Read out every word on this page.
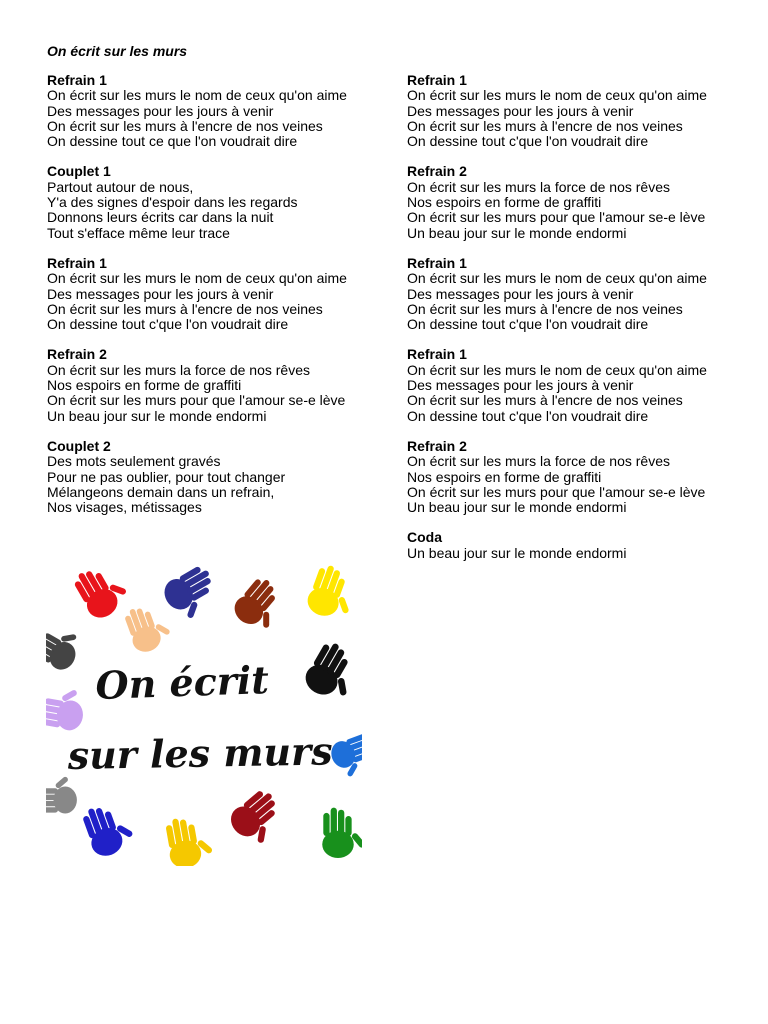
On écrit sur les murs
Refrain 1
On écrit sur les murs le nom de ceux qu'on aime
Des messages pour les jours à venir
On écrit sur les murs à l'encre de nos veines
On dessine tout ce que l'on voudrait dire
Couplet 1
Partout autour de nous,
Y'a des signes d'espoir dans les regards
Donnons leurs écrits car dans la nuit
Tout s'efface même leur trace
Refrain 1
On écrit sur les murs le nom de ceux qu'on aime
Des messages pour les jours à venir
On écrit sur les murs à l'encre de nos veines
On dessine tout c'que l'on voudrait dire
Refrain 2
On écrit sur les murs la force de nos rêves
Nos espoirs en forme de graffiti
On écrit sur les murs pour que l'amour se-e lève
Un beau jour sur le monde endormi
Couplet 2
Des mots seulement gravés
Pour ne pas oublier, pour tout changer
Mélangeons demain dans un refrain,
Nos visages, métissages
Refrain 1
On écrit sur les murs le nom de ceux qu'on aime
Des messages pour les jours à venir
On écrit sur les murs à l'encre de nos veines
On dessine tout c'que l'on voudrait dire
Refrain 2
On écrit sur les murs la force de nos rêves
Nos espoirs en forme de graffiti
On écrit sur les murs pour que l'amour se-e lève
Un beau jour sur le monde endormi
Refrain 1
On écrit sur les murs le nom de ceux qu'on aime
Des messages pour les jours à venir
On écrit sur les murs à l'encre de nos veines
On dessine tout c'que l'on voudrait dire
Refrain 1
On écrit sur les murs le nom de ceux qu'on aime
Des messages pour les jours à venir
On écrit sur les murs à l'encre de nos veines
On dessine tout c'que l'on voudrait dire
Refrain 2
On écrit sur les murs la force de nos rêves
Nos espoirs en forme de graffiti
On écrit sur les murs pour que l'amour se-e lève
Un beau jour sur le monde endormi
Coda
Un beau jour sur le monde endormi
On écrit
sur les murs
